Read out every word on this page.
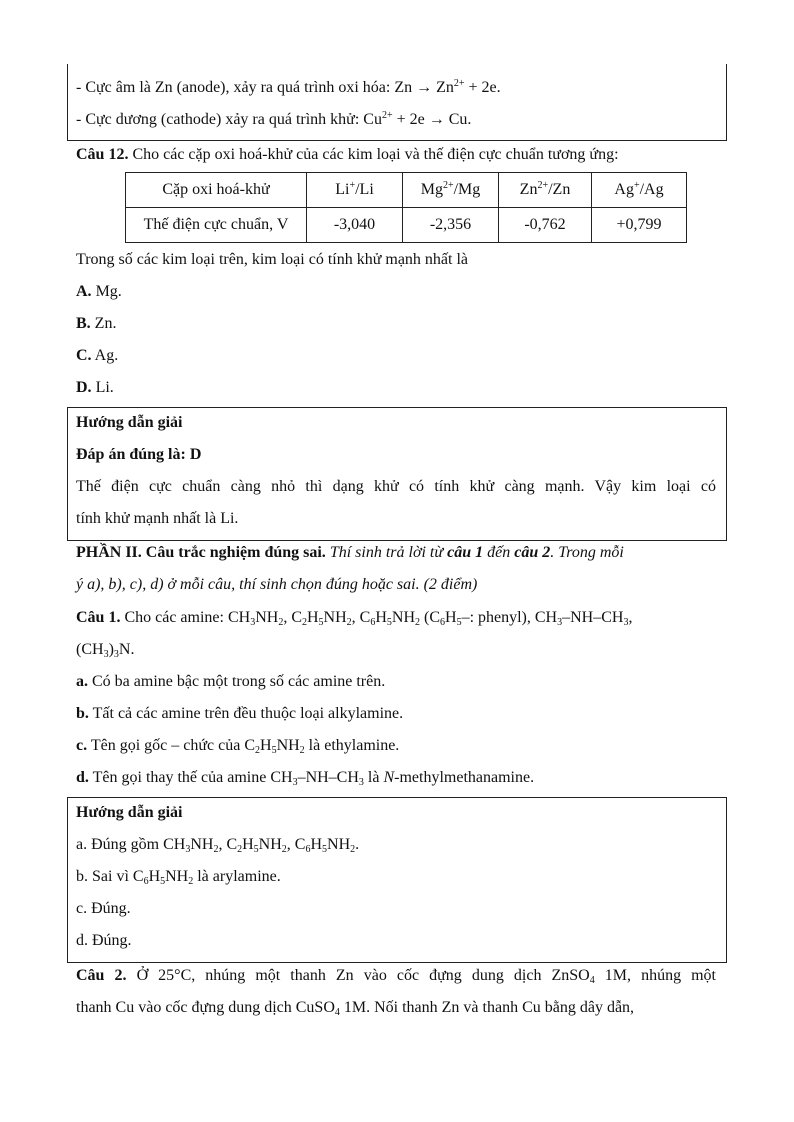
- Cực âm là Zn (anode), xảy ra quá trình oxi hóa: $Zn \to Zn^{2+} + 2e$.
- Cực dương (cathode) xảy ra quá trình khử: $Cu^{2+} + 2e \to Cu$.
Câu 12. Cho các cặp oxi hoá-khử của các kim loại và thế điện cực chuẩn tương ứng:
Cặp oxi hoá-khử	Li+/Li	$Mg^{2+}/Mg$	$Zn^{2+}/Zn$	Ag+/Ag
Thế điện cực chuẩn, V	-3,040	-2,356	-0,762	+0,799
Trong số các kim loại trên, kim loại có tính khử mạnh nhất là
A. Mg.
B. Zn.
C. Ag.
D. Li.
Hướng dẫn giải
Đáp án đúng là: D
Thế điện cực chuẩn càng nhỏ thì dạng khử có tính khử càng mạnh. Vậy kim loại có
tính khử mạnh nhất là Li.
PHẦN II. Câu trắc nghiệm đúng sai. Thí sinh trả lời từ câu 1 đến câu 2. Trong mỗi
ý a), b), c), d) ở mỗi câu, thí sinh chọn đúng hoặc sai. (2 điểm)
Câu 1. Cho các amine: $CH_3NH_2$, $C_2H_5NH_2$, $C_6H_5NH_2$ ($C_6H_5-$: phenyl), $CH_3-NH-CH_3$,
$(CH_3)_3N$.
a. Có ba amine bậc một trong số các amine trên.
b. Tất cả các amine trên đều thuộc loại alkylamine.
c. Tên gọi gốc – chức của $C_2H_5NH_2$ là ethylamine.
d. Tên gọi thay thế của amine $CH_3-NH-CH_3$ là N-methylmethanamine.
Hướng dẫn giải
a. Đúng gồm $CH_3NH_2$, $C_2H_5NH_2$, $C_6H_5NH_2$.
b. Sai vì $C_6H_5NH_2$ là arylamine.
c. Đúng.
d. Đúng.
Câu 2. Ở 25°C, nhúng một thanh Zn vào cốc đựng dung dịch ZnSO$_4$ 1M, nhúng một
thanh Cu vào cốc đựng dung dịch CuSO$_4$ 1M. Nối thanh Zn và thanh Cu bằng dây dẫn,
